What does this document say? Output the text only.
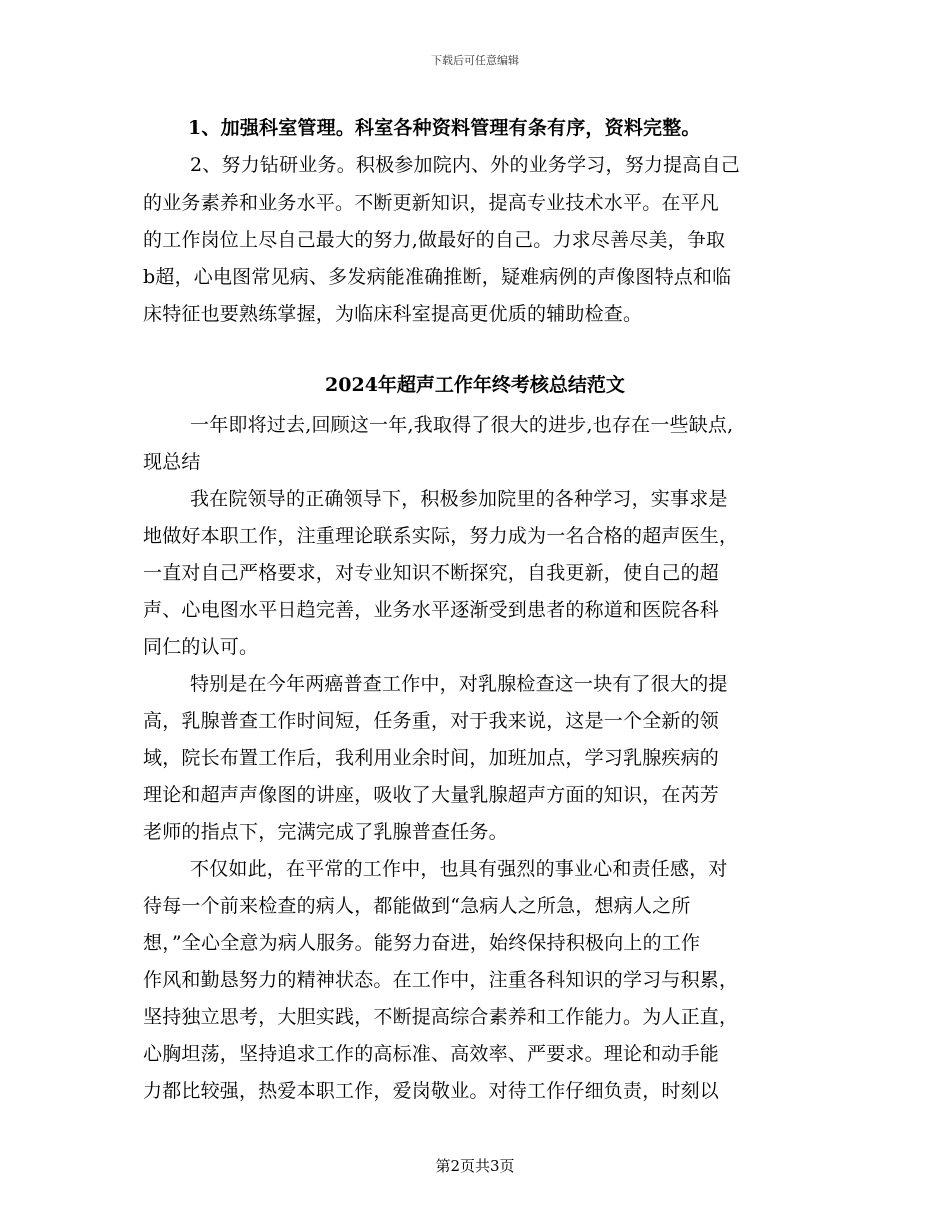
下载后可任意编辑
1、加强科室管理。科室各种资料管理有条有序，资料完整。
2、努力钻研业务。积极参加院内、外的业务学习，努力提高自己
的业务素养和业务水平。不断更新知识，提高专业技术水平。在平凡
的工作岗位上尽自己最大的努力,做最好的自己。力求尽善尽美，争取
b超，心电图常见病、多发病能准确推断，疑难病例的声像图特点和临
床特征也要熟练掌握，为临床科室提高更优质的辅助检查。
2024年超声工作年终考核总结范文
一年即将过去,回顾这一年,我取得了很大的进步,也存在一些缺点,
现总结
我在院领导的正确领导下，积极参加院里的各种学习，实事求是
地做好本职工作，注重理论联系实际，努力成为一名合格的超声医生，
一直对自己严格要求，对专业知识不断探究，自我更新，使自己的超
声、心电图水平日趋完善，业务水平逐渐受到患者的称道和医院各科
同仁的认可。
特别是在今年两癌普查工作中，对乳腺检查这一块有了很大的提
高，乳腺普查工作时间短，任务重，对于我来说，这是一个全新的领
域，院长布置工作后，我利用业余时间，加班加点，学习乳腺疾病的
理论和超声声像图的讲座，吸收了大量乳腺超声方面的知识，在芮芳
老师的指点下，完满完成了乳腺普查任务。
不仅如此，在平常的工作中，也具有强烈的事业心和责任感，对
待每一个前来检查的病人，都能做到“急病人之所急，想病人之所
想，”全心全意为病人服务。能努力奋进，始终保持积极向上的工作
作风和勤恳努力的精神状态。在工作中，注重各科知识的学习与积累，
坚持独立思考，大胆实践，不断提高综合素养和工作能力。为人正直，
心胸坦荡，坚持追求工作的高标准、高效率、严要求。理论和动手能
力都比较强，热爱本职工作，爱岗敬业。对待工作仔细负责，时刻以
第2页共3页
